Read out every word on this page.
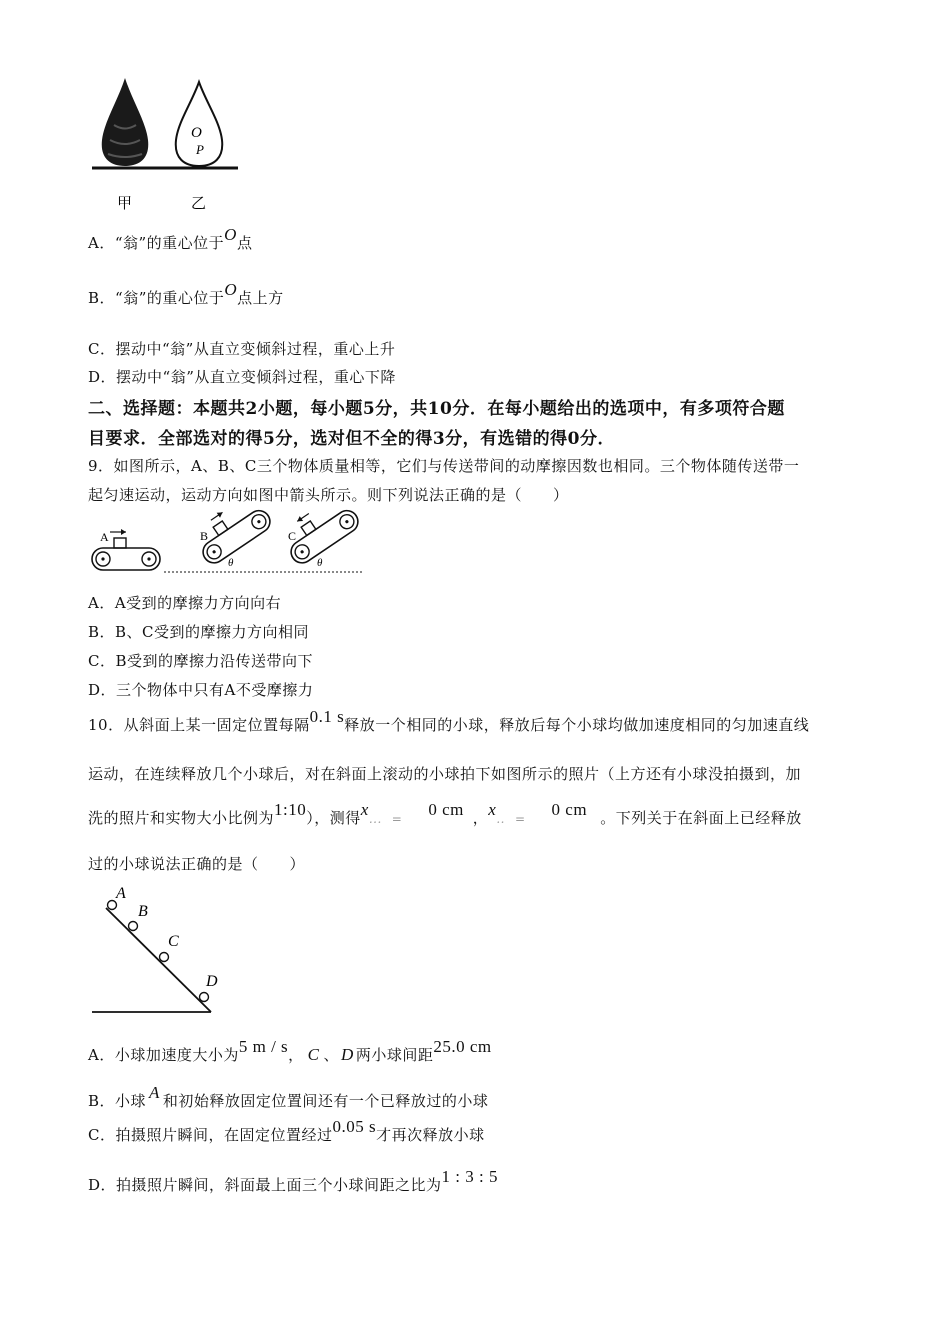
O
P
甲	乙
A．“翁”的重心位于O点
B．“翁”的重心位于O点上方
C．摆动中“翁”从直立变倾斜过程，重心上升
D．摆动中“翁”从直立变倾斜过程，重心下降
二、选择题：本题共2小题，每小题5分，共10分．在每小题给出的选项中，有多项符合题
目要求．全部选对的得5分，选对但不全的得3分，有选错的得0分．
9．如图所示，A、B、C三个物体质量相等，它们与传送带间的动摩擦因数也相同。三个物体随传送带一
起匀速运动，运动方向如图中箭头所示。则下列说法正确的是（　　）
A	B
θ
C
θ
A．A受到的摩擦力方向向右
B．B、C受到的摩擦力方向相同
C．B受到的摩擦力沿传送带向下
D．三个物体中只有A不受摩擦力
10．从斜面上某一固定位置每隔0.1 s释放一个相同的小球，释放后每个小球均做加速度相同的匀加速直线
运动，在连续释放几个小球后，对在斜面上滚动的小球拍下如图所示的照片（上方还有小球没拍摄到，加
洗的照片和实物大小比例为1:10），测得x... = 0 cm ，x.. = 0 cm 。下列关于在斜面上已经释放
过的小球说法正确的是（　　）
A
B
C
D
A．小球加速度大小为5 m / s， C 、 D 两小球间距25.0 cm
B．小球 A 和初始释放固定位置间还有一个已释放过的小球
C．拍摄照片瞬间，在固定位置经过0.05 s才再次释放小球
D．拍摄照片瞬间，斜面最上面三个小球间距之比为1 : 3 : 5
